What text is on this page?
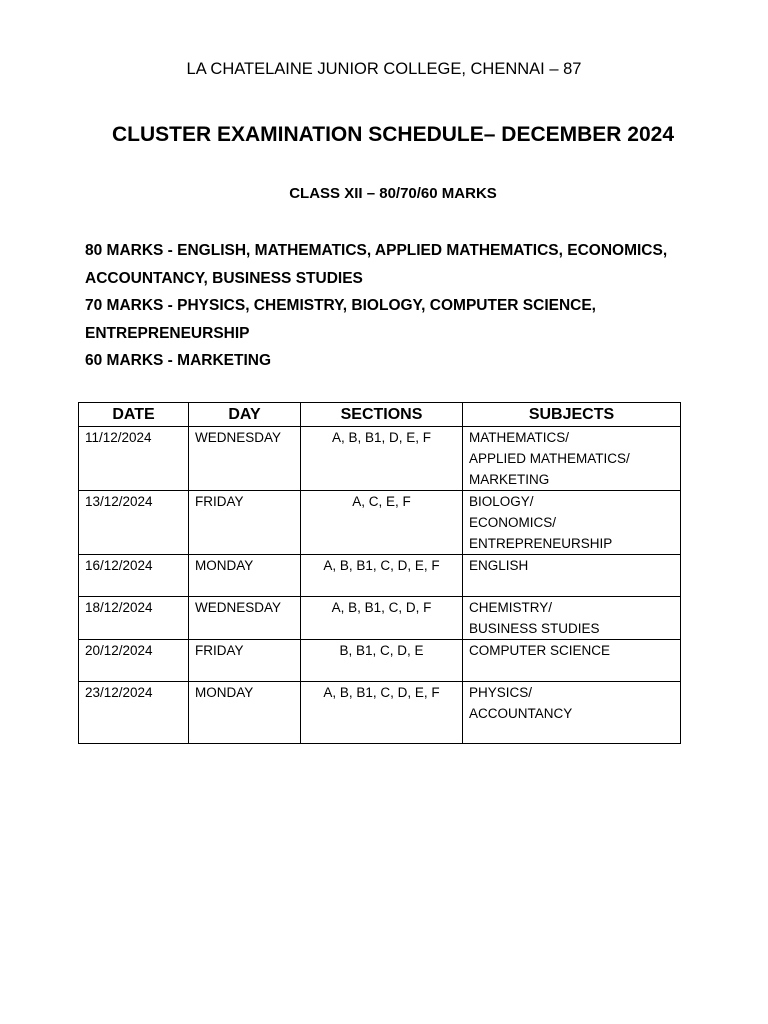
LA CHATELAINE JUNIOR COLLEGE, CHENNAI – 87
CLUSTER EXAMINATION SCHEDULE– DECEMBER 2024
CLASS XII – 80/70/60 MARKS
80 MARKS - ENGLISH, MATHEMATICS, APPLIED MATHEMATICS, ECONOMICS,
ACCOUNTANCY, BUSINESS STUDIES
70 MARKS - PHYSICS, CHEMISTRY, BIOLOGY, COMPUTER SCIENCE,
ENTREPRENEURSHIP
60 MARKS - MARKETING
DATE	DAY	SECTIONS	SUBJECTS
11/12/2024	WEDNESDAY	A, B, B1, D, E, F	MATHEMATICS/
APPLIED MATHEMATICS/
MARKETING

13/12/2024	FRIDAY	A, C, E, F	BIOLOGY/
ECONOMICS/
ENTREPRENEURSHIP

16/12/2024	MONDAY	A, B, B1, C, D, E, F	ENGLISH

18/12/2024	WEDNESDAY	A, B, B1, C, D, F	CHEMISTRY/
BUSINESS STUDIES

20/12/2024	FRIDAY	B, B1, C, D, E	COMPUTER SCIENCE

23/12/2024	MONDAY	A, B, B1, C, D, E, F	PHYSICS/
ACCOUNTANCY
